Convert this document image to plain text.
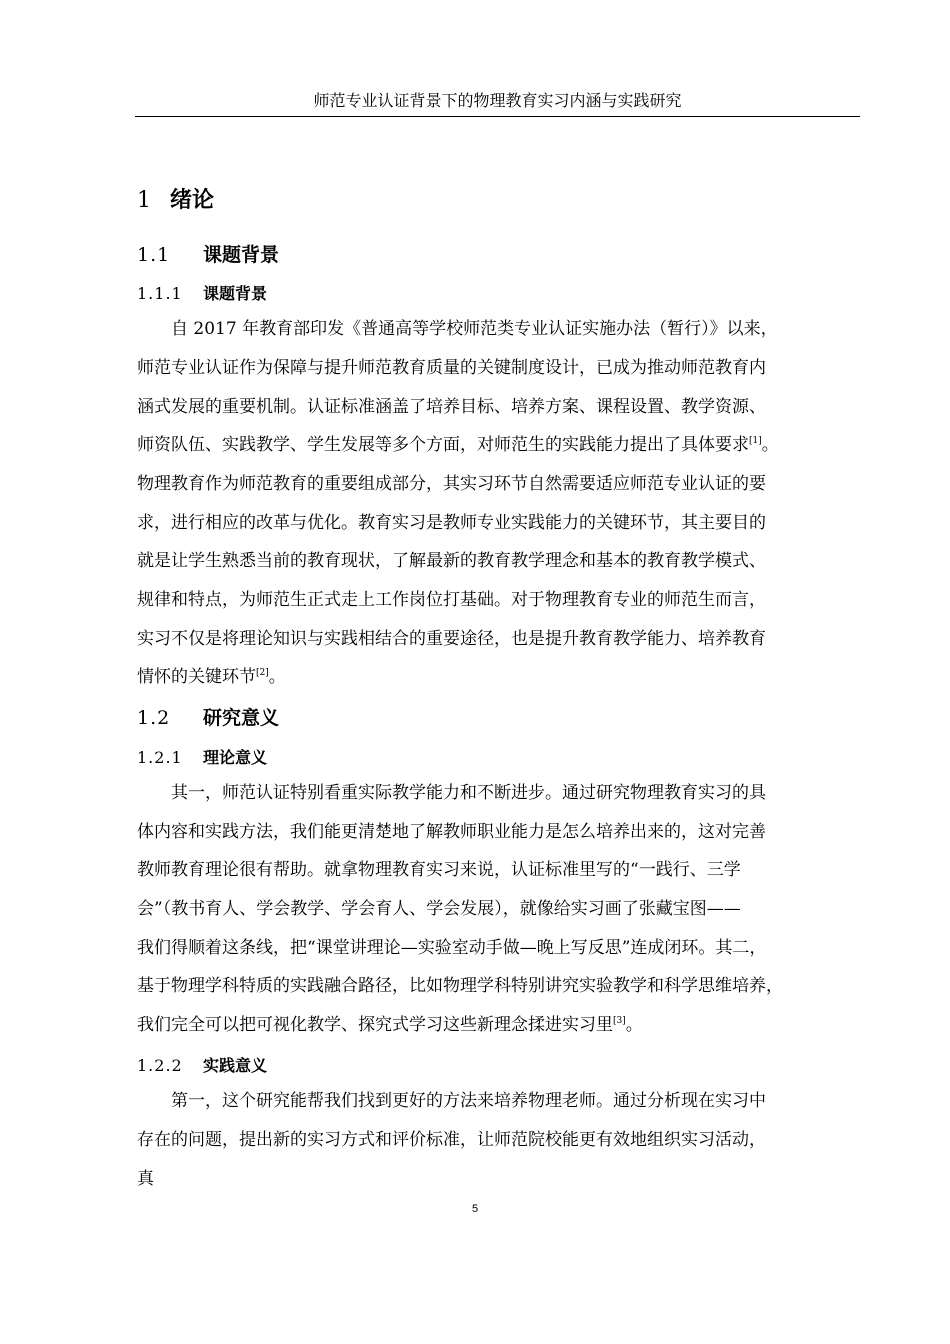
师范专业认证背景下的物理教育实习内涵与实践研究
1 绪论
1.1 课题背景
1.1.1 课题背景
　　自 2017 年教育部印发《普通高等学校师范类专业认证实施办法（暂行）》以来，
师范专业认证作为保障与提升师范教育质量的关键制度设计，已成为推动师范教育内
涵式发展的重要机制。认证标准涵盖了培养目标、培养方案、课程设置、教学资源、
师资队伍、实践教学、学生发展等多个方面，对师范生的实践能力提出了具体要求[1]。
物理教育作为师范教育的重要组成部分，其实习环节自然需要适应师范专业认证的要
求，进行相应的改革与优化。教育实习是教师专业实践能力的关键环节，其主要目的
就是让学生熟悉当前的教育现状，了解最新的教育教学理念和基本的教育教学模式、
规律和特点，为师范生正式走上工作岗位打基础。对于物理教育专业的师范生而言，
实习不仅是将理论知识与实践相结合的重要途径，也是提升教育教学能力、培养教育
情怀的关键环节[2]。
1.2 研究意义
1.2.1 理论意义
　　其一，师范认证特别看重实际教学能力和不断进步。通过研究物理教育实习的具
体内容和实践方法，我们能更清楚地了解教师职业能力是怎么培养出来的，这对完善
教师教育理论很有帮助。就拿物理教育实习来说，认证标准里写的“一践行、三学
会”（教书育人、学会教学、学会育人、学会发展），就像给实习画了张藏宝图——
我们得顺着这条线，把“课堂讲理论—实验室动手做—晚上写反思”连成闭环。其二，
基于物理学科特质的实践融合路径，比如物理学科特别讲究实验教学和科学思维培养，
我们完全可以把可视化教学、探究式学习这些新理念揉进实习里[3]。
1.2.2 实践意义
　　第一，这个研究能帮我们找到更好的方法来培养物理老师。通过分析现在实习中
存在的问题，提出新的实习方式和评价标准，让师范院校能更有效地组织实习活动，
真
5
